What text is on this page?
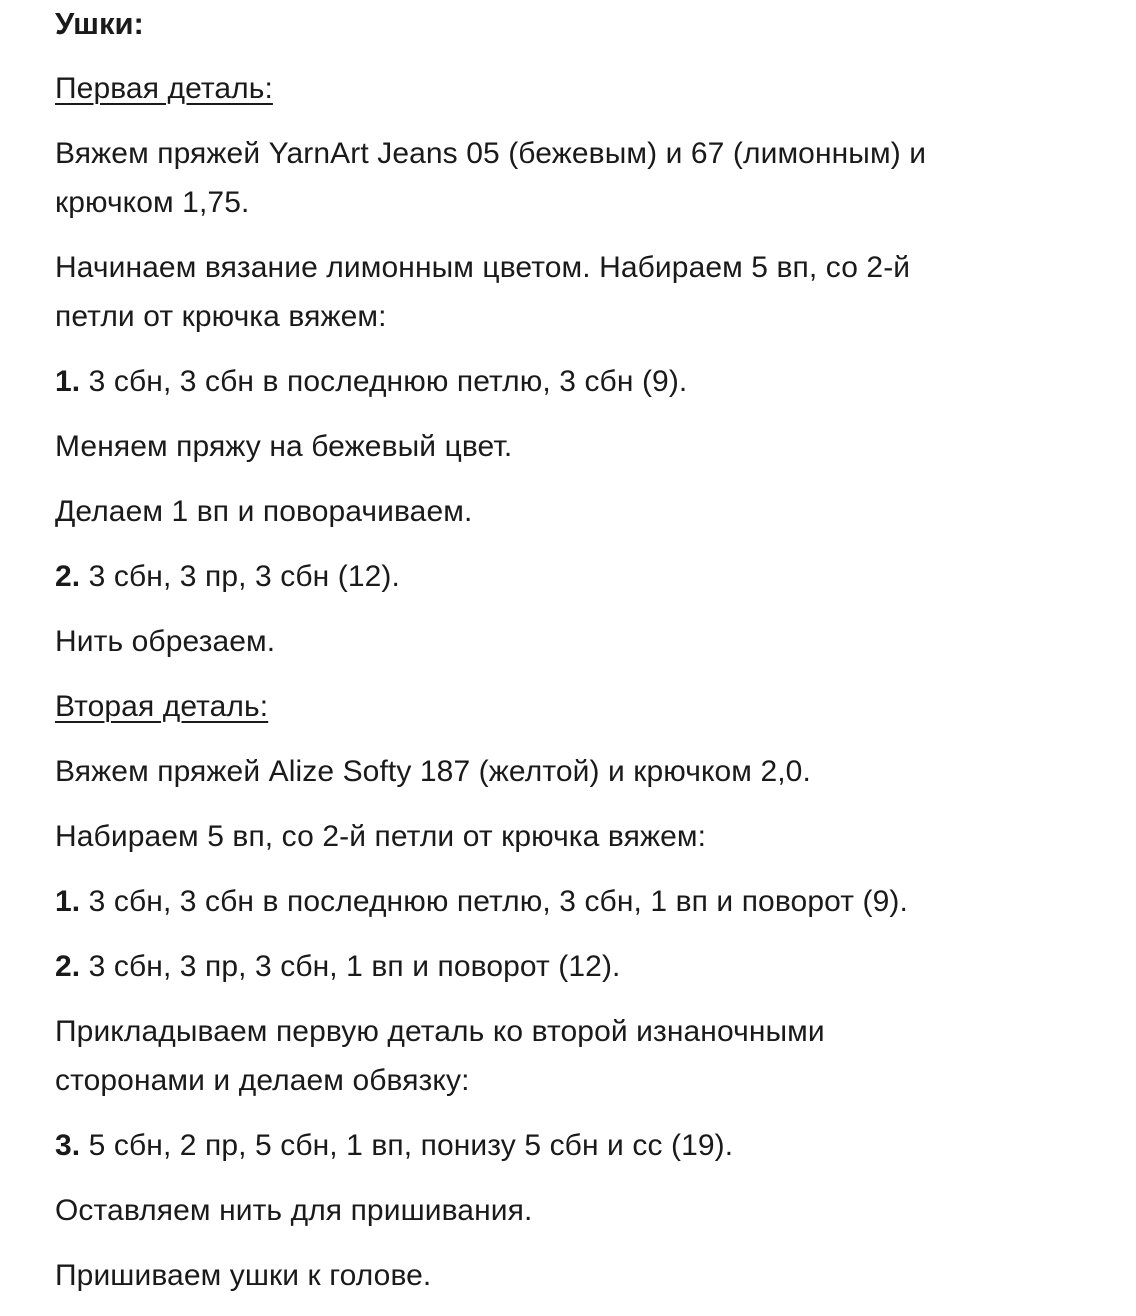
Ушки:

Первая деталь:

Вяжем пряжей YarnArt Jeans 05 (бежевым) и 67 (лимонным) и

крючком 1,75.

Начинаем вязание лимонным цветом. Набираем 5 вп, со 2-й

петли от крючка вяжем:

1. 3 сбн, 3 сбн в последнюю петлю, 3 сбн (9).

Меняем пряжу на бежевый цвет.

Делаем 1 вп и поворачиваем.

2. 3 сбн, 3 пр, 3 сбн (12).

Нить обрезаем.

Вторая деталь:

Вяжем пряжей Alize Softy 187 (желтой) и крючком 2,0.

Набираем 5 вп, со 2-й петли от крючка вяжем:

1. 3 сбн, 3 сбн в последнюю петлю, 3 сбн, 1 вп и поворот (9).

2. 3 сбн, 3 пр, 3 сбн, 1 вп и поворот (12).

Прикладываем первую деталь ко второй изнаночными

сторонами и делаем обвязку:

3. 5 сбн, 2 пр, 5 сбн, 1 вп, понизу 5 сбн и сс (19).

Оставляем нить для пришивания.

Пришиваем ушки к голове.
